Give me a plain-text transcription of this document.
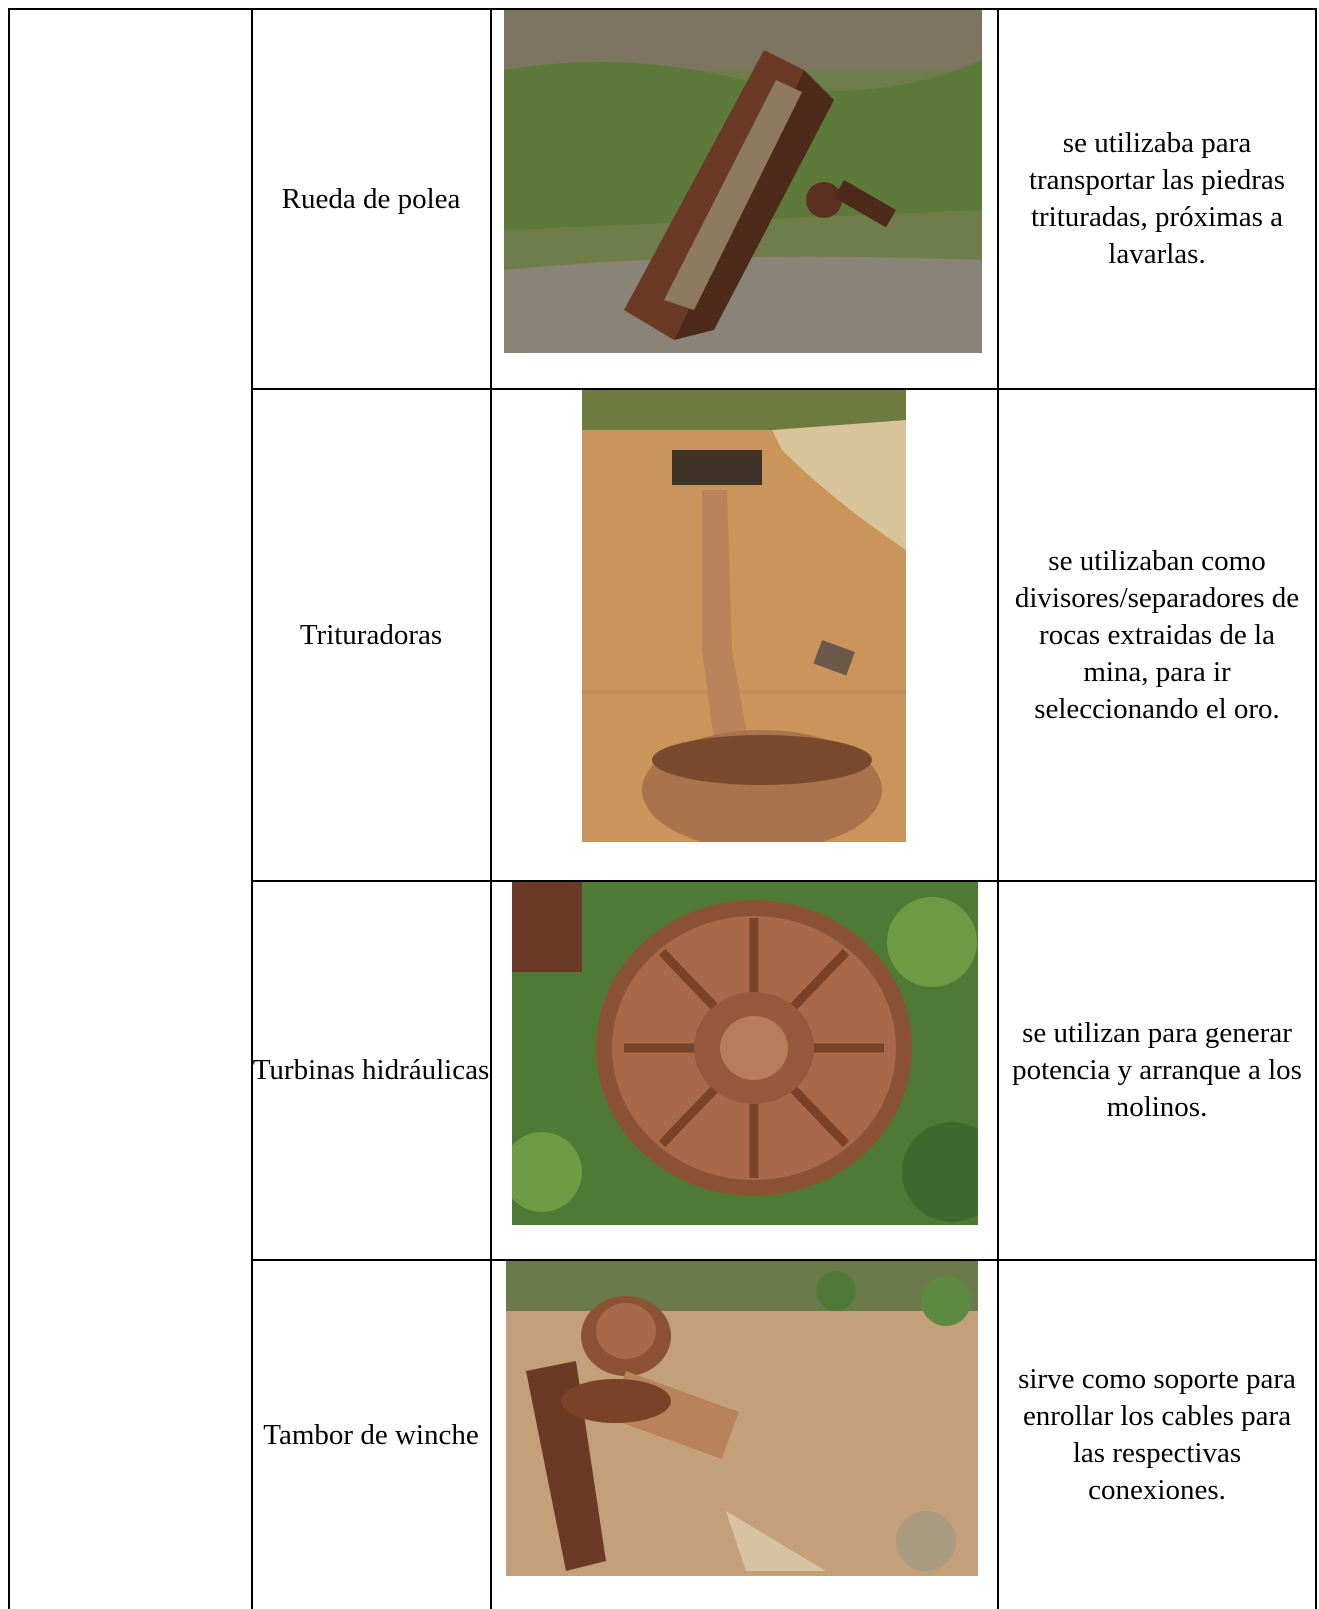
Rueda de polea
se utilizaba para transportar las piedras trituradas, próximas a lavarlas.
Trituradoras
se utilizaban como divisores/separadores de rocas extraidas de la mina, para ir seleccionando el oro.
Turbinas hidráulicas
se utilizan para generar potencia y arranque a los molinos.
Tambor de winche
sirve como soporte para enrollar los cables para las respectivas conexiones.
